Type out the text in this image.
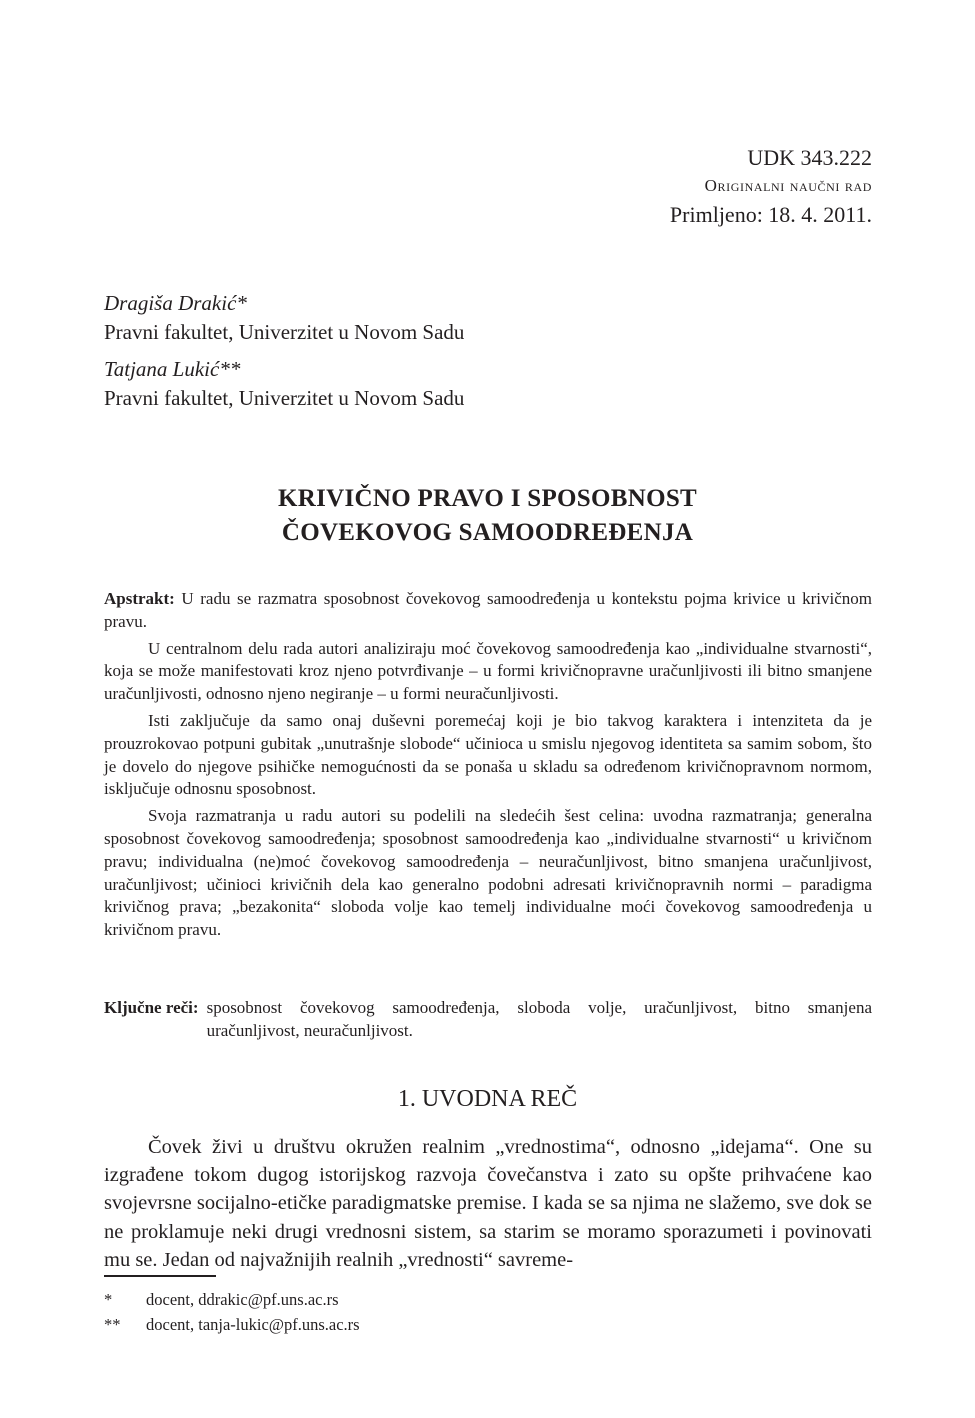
UDK 343.222
Originalni naučni rad
Primljeno: 18. 4. 2011.
Dragiša Drakić*
Pravni fakultet, Univerzitet u Novom Sadu
Tatjana Lukić**
Pravni fakultet, Univerzitet u Novom Sadu
KRIVIČNO PRAVO I SPOSOBNOST
ČOVEKOVOG SAMOODREĐENJA

Apstrakt: U radu se razmatra sposobnost čovekovog samoodređenja u kontekstu pojma krivice u krivičnom pravu.

U centralnom delu rada autori analiziraju moć čovekovog samoodređenja kao „individualne stvarnosti“, koja se može manifestovati kroz njeno potvrđivanje – u formi krivičnopravne uračunljivosti ili bitno smanjene uračunljivosti, odnosno njeno negiranje – u formi neuračunljivosti.

Isti zaključuje da samo onaj duševni poremećaj koji je bio takvog karaktera i intenziteta da je prouzrokovao potpuni gubitak „unutrašnje slobode“ učinioca u smislu njegovog identiteta sa samim sobom, što je dovelo do njegove psihičke nemogućnosti da se ponaša u skladu sa određenom krivičnopravnom normom, isključuje odnosnu sposobnost.

Svoja razmatranja u radu autori su podelili na sledećih šest celina: uvodna razmatranja; generalna sposobnost čovekovog samoodređenja; sposobnost samoodređenja kao „individualne stvarnosti“ u krivičnom pravu; individualna (ne)moć čovekovog samoodređenja – neuračunljivost, bitno smanjena uračunljivost, uračunljivost; učinioci krivičnih dela kao generalno podobni adresati krivičnopravnih normi – paradigma krivičnog prava; „bezakonita“ sloboda volje kao temelj individualne moći čovekovog samoodređenja u krivičnom pravu.

Ključne reči: sposobnost čovekovog samoodređenja, sloboda volje, uračunljivost, bitno smanjena uračunljivost, neuračunljivost.
1. UVODNA REČ

Čovek živi u društvu okružen realnim „vrednostima“, odnosno „idejama“. One su izgrađene tokom dugog istorijskog razvoja čovečanstva i zato su opšte prihvaćene kao svojevrsne socijalno-etičke paradigmatske premise. I kada se sa njima ne slažemo, sve dok se ne proklamuje neki drugi vrednosni sistem, sa starim se moramo sporazumeti i povinovati mu se. Jedan od najvažnijih realnih „vrednosti“ savreme-

*	docent, ddrakic@pf.uns.ac.rs
**	docent, tanja-lukic@pf.uns.ac.rs
